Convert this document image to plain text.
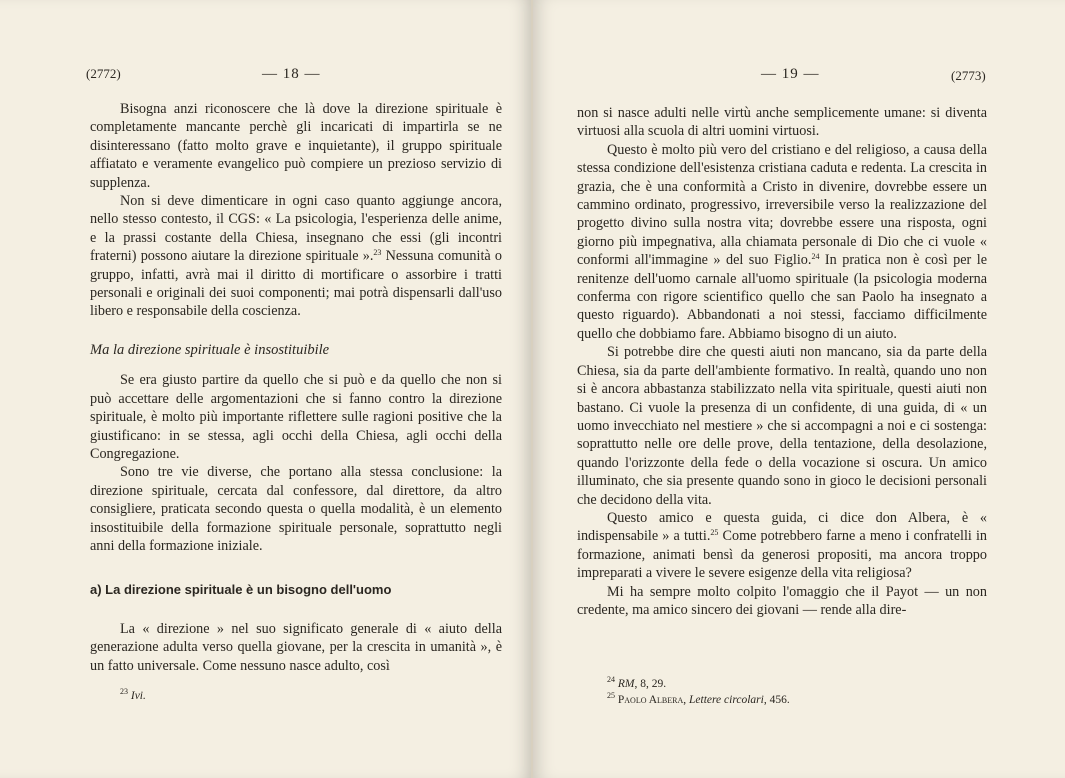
(2772)	— 18 —

Bisogna anzi riconoscere che là dove la direzione spirituale è completamente mancante perchè gli incaricati di impartirla se ne disinteressano (fatto molto grave e inquietante), il gruppo spirituale affiatato e veramente evangelico può compiere un prezioso servizio di supplenza.

Non si deve dimenticare in ogni caso quanto aggiunge ancora, nello stesso contesto, il CGS: « La psicologia, l'esperienza delle anime, e la prassi costante della Chiesa, insegnano che essi (gli incontri fraterni) possono aiutare la direzione spirituale ».$^{23}$ Nessuna comunità o gruppo, infatti, avrà mai il diritto di mortificare o assorbire i tratti personali e originali dei suoi componenti; mai potrà dispensarli dall'uso libero e responsabile della coscienza.

Ma la direzione spirituale è insostituibile

Se era giusto partire da quello che si può e da quello che non si può accettare delle argomentazioni che si fanno contro la direzione spirituale, è molto più importante riflettere sulle ragioni positive che la giustificano: in se stessa, agli occhi della Chiesa, agli occhi della Congregazione.

Sono tre vie diverse, che portano alla stessa conclusione: la direzione spirituale, cercata dal confessore, dal direttore, da altro consigliere, praticata secondo questa o quella modalità, è un elemento insostituibile della formazione spirituale personale, soprattutto negli anni della formazione iniziale.

a) La direzione spirituale è un bisogno dell'uomo

La « direzione » nel suo significato generale di « aiuto della generazione adulta verso quella giovane, per la crescita in umanità », è un fatto universale. Come nessuno nasce adulto, così

$^{23}$ Ivi.
— 19 —	(2773)

non si nasce adulti nelle virtù anche semplicemente umane: si diventa virtuosi alla scuola di altri uomini virtuosi.

Questo è molto più vero del cristiano e del religioso, a causa della stessa condizione dell'esistenza cristiana caduta e redenta. La crescita in grazia, che è una conformità a Cristo in divenire, dovrebbe essere un cammino ordinato, progressivo, irreversibile verso la realizzazione del progetto divino sulla nostra vita; dovrebbe essere una risposta, ogni giorno più impegnativa, alla chiamata personale di Dio che ci vuole « conformi all'immagine » del suo Figlio.$^{24}$ In pratica non è così per le renitenze dell'uomo carnale all'uomo spirituale (la psicologia moderna conferma con rigore scientifico quello che san Paolo ha insegnato a questo riguardo). Abbandonati a noi stessi, facciamo difficilmente quello che dobbiamo fare. Abbiamo bisogno di un aiuto.

Si potrebbe dire che questi aiuti non mancano, sia da parte della Chiesa, sia da parte dell'ambiente formativo. In realtà, quando uno non si è ancora abbastanza stabilizzato nella vita spirituale, questi aiuti non bastano. Ci vuole la presenza di un confidente, di una guida, di « un uomo invecchiato nel mestiere » che si accompagni a noi e ci sostenga: soprattutto nelle ore delle prove, della tentazione, della desolazione, quando l'orizzonte della fede o della vocazione si oscura. Un amico illuminato, che sia presente quando sono in gioco le decisioni personali che decidono della vita.

Questo amico e questa guida, ci dice don Albera, è « indispensabile » a tutti.$^{25}$ Come potrebbero farne a meno i confratelli in formazione, animati bensì da generosi propositi, ma ancora troppo impreparati a vivere le severe esigenze della vita religiosa?

Mi ha sempre molto colpito l'omaggio che il Payot — un non credente, ma amico sincero dei giovani — rende alla dire-

$^{24}$ RM, 8, 29.
$^{25}$ Paolo Albera, Lettere circolari, 456.
